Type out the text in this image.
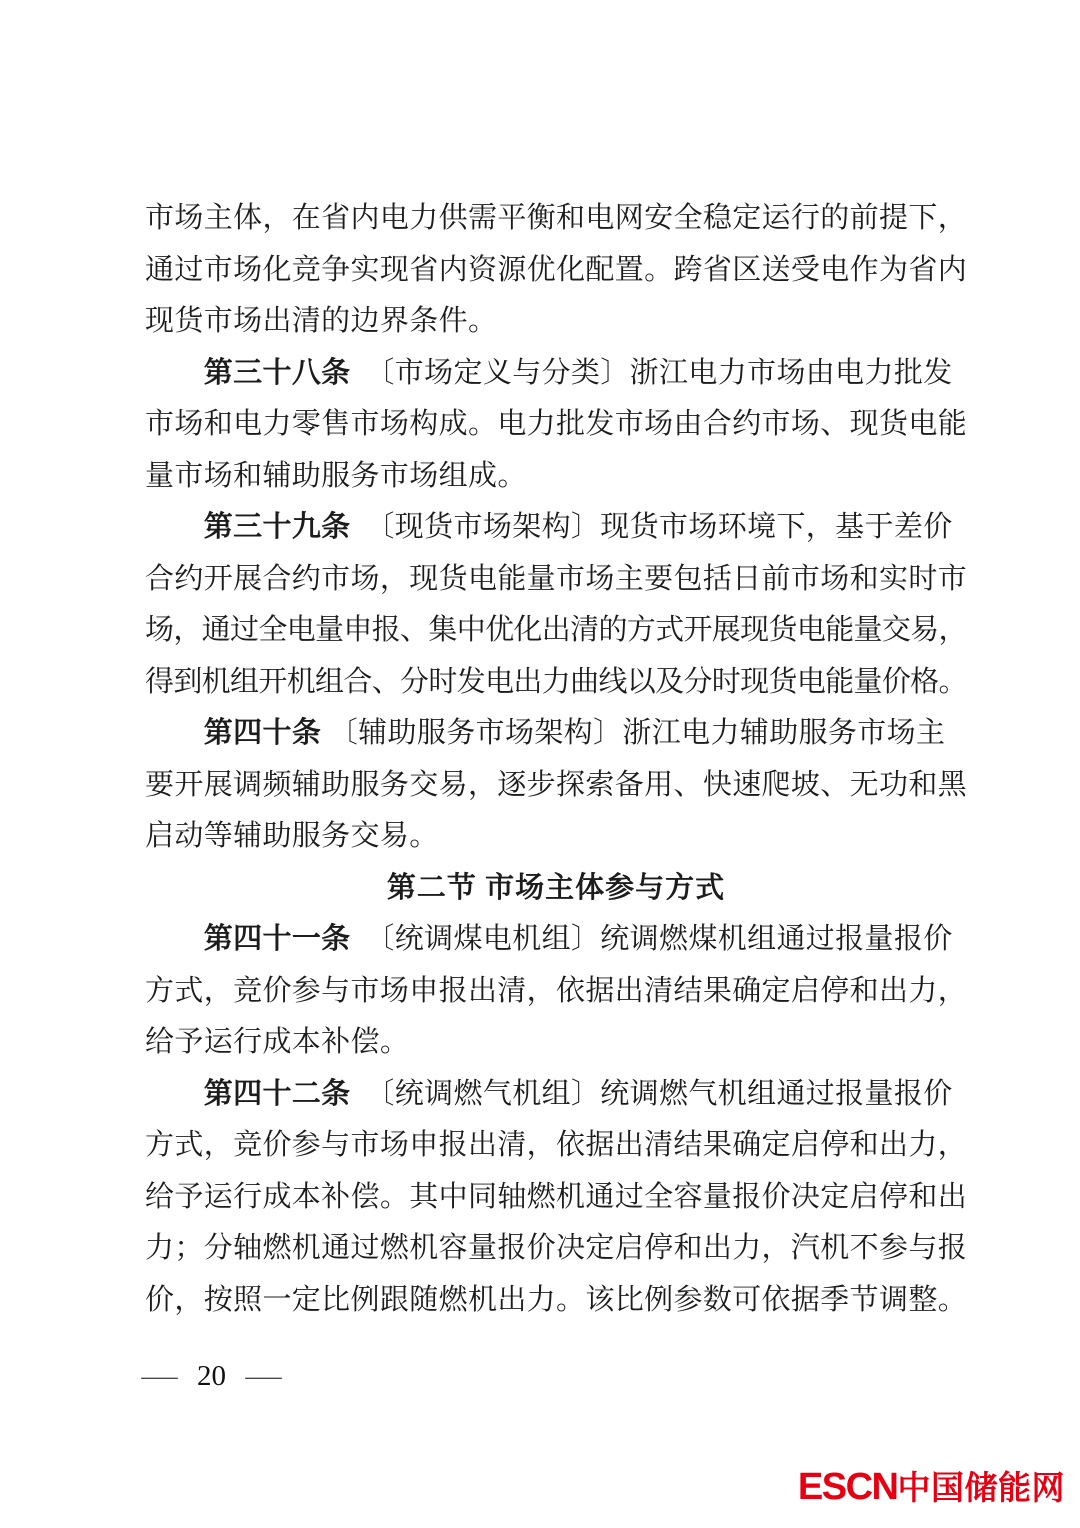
市场主体，在省内电力供需平衡和电网安全稳定运行的前提下，
通过市场化竞争实现省内资源优化配置。跨省区送受电作为省内
现货市场出清的边界条件。
　　第三十八条　〔市场定义与分类〕浙江电力市场由电力批发
市场和电力零售市场构成。电力批发市场由合约市场、现货电能
量市场和辅助服务市场组成。
　　第三十九条　〔现货市场架构〕现货市场环境下，基于差价
合约开展合约市场，现货电能量市场主要包括日前市场和实时市
场，通过全电量申报、集中优化出清的方式开展现货电能量交易，
得到机组开机组合、分时发电出力曲线以及分时现货电能量价格。
　　第四十条 〔辅助服务市场架构〕浙江电力辅助服务市场主
要开展调频辅助服务交易，逐步探索备用、快速爬坡、无功和黑
启动等辅助服务交易。
第二节 市场主体参与方式
　　第四十一条　〔统调煤电机组〕统调燃煤机组通过报量报价
方式，竞价参与市场申报出清，依据出清结果确定启停和出力，
给予运行成本补偿。
　　第四十二条　〔统调燃气机组〕统调燃气机组通过报量报价
方式，竞价参与市场申报出清，依据出清结果确定启停和出力，
给予运行成本补偿。其中同轴燃机通过全容量报价决定启停和出
力；分轴燃机通过燃机容量报价决定启停和出力，汽机不参与报
价，按照一定比例跟随燃机出力。该比例参数可依据季节调整。
— 20 —
ESCN 中国储能网
